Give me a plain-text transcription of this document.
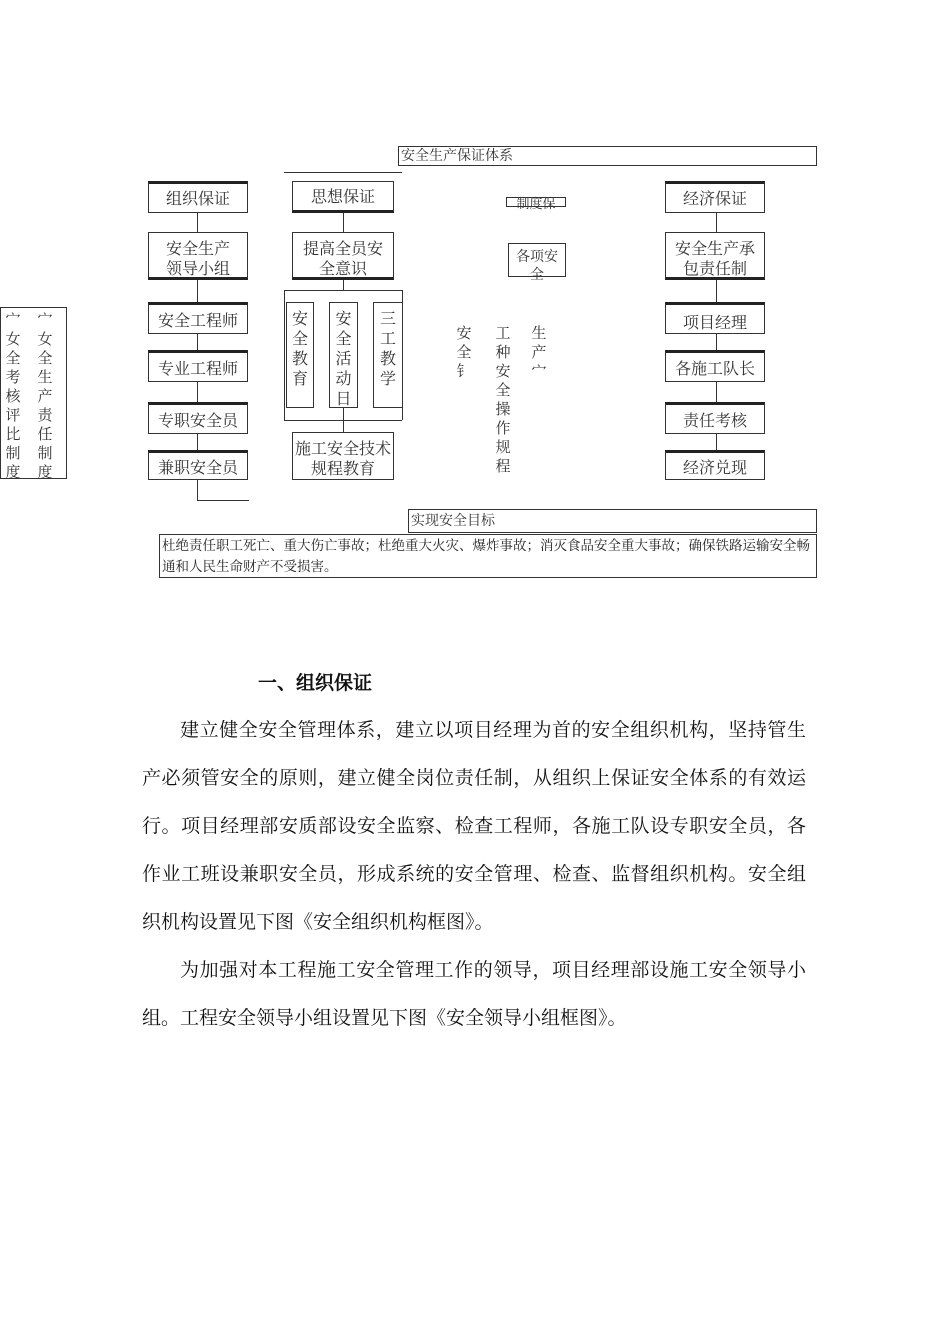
安全生产保证体系
宀
女全考核评比制度
宀
女全生产责任制度
组织保证
安全生产领导小组
安全工程师
专业工程师
专职安全员
兼职安全员
思想保证
提高全员安全意识
安全教育
安全活动日
三工教学
施工安全技术规程教育
制度保
各项安全
安全钅
工种安全操作规程
生产宀
经济保证
安全生产承包责任制
项目经理
各施工队长
责任考核
经济兑现
实现安全目标
杜绝责任职工死亡、重大伤亡事故；杜绝重大火灾、爆炸事故；消灭食品安全重大事故；确保铁路运输安全畅通和人民生命财产不受损害。
一、组织保证

建立健全安全管理体系，建立以项目经理为首的安全组织机构，坚持管生产必须管安全的原则，建立健全岗位责任制，从组织上保证安全体系的有效运行。项目经理部安质部设安全监察、检查工程师，各施工队设专职安全员，各作业工班设兼职安全员，形成系统的安全管理、检查、监督组织机构。安全组织机构设置见下图《安全组织机构框图》。

为加强对本工程施工安全管理工作的领导，项目经理部设施工安全领导小组。工程安全领导小组设置见下图《安全领导小组框图》。
